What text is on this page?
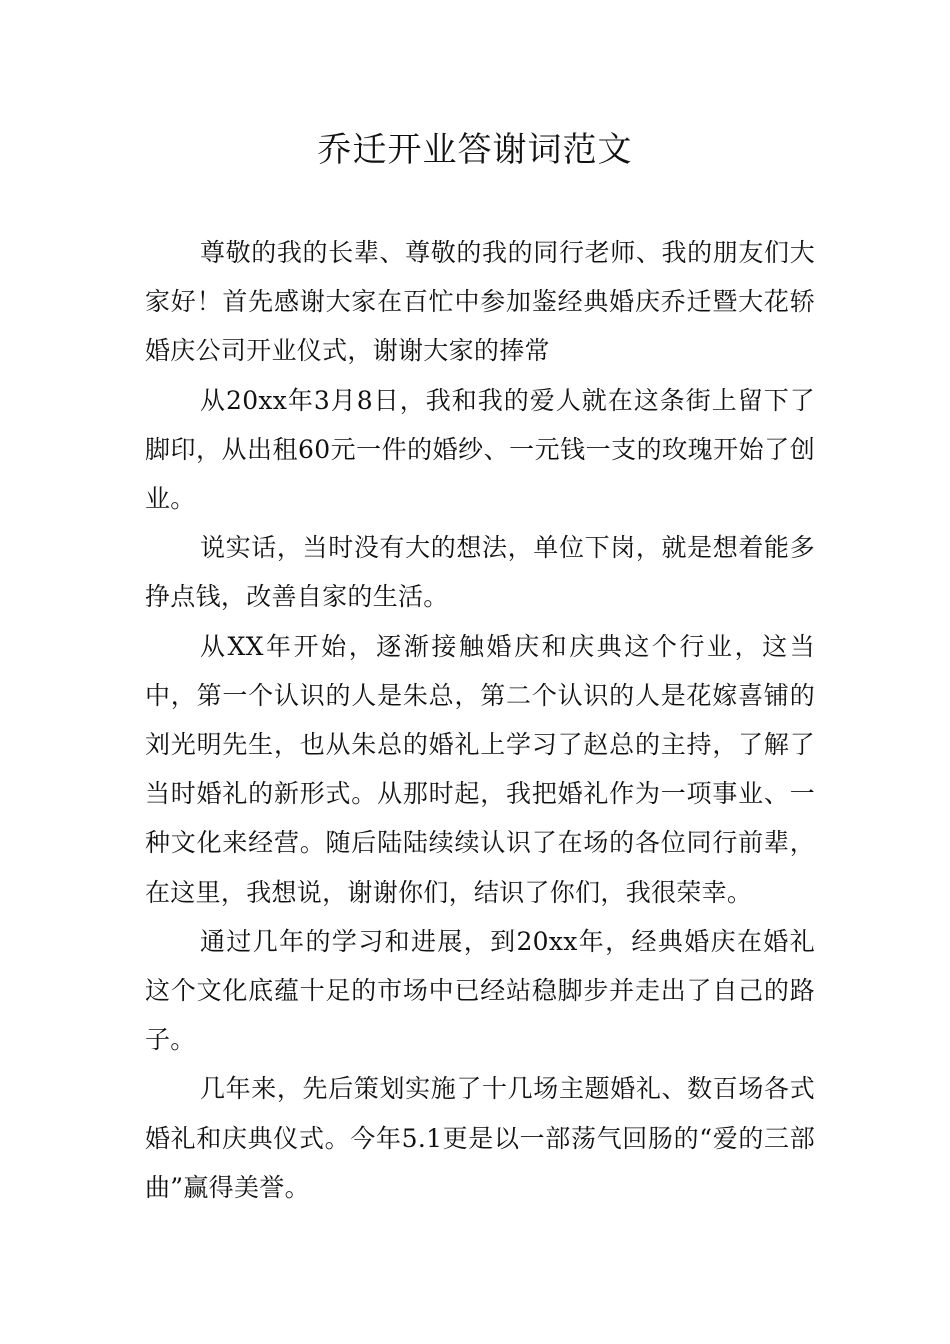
乔迁开业答谢词范文

尊敬的我的长辈、尊敬的我的同行老师、我的朋友们大家好！首先感谢大家在百忙中参加鉴经典婚庆乔迁暨大花轿婚庆公司开业仪式，谢谢大家的捧常

从20xx年3月8日，我和我的爱人就在这条街上留下了脚印，从出租60元一件的婚纱、一元钱一支的玫瑰开始了创业。

说实话，当时没有大的想法，单位下岗，就是想着能多挣点钱，改善自家的生活。

从XX年开始，逐渐接触婚庆和庆典这个行业，这当中，第一个认识的人是朱总，第二个认识的人是花嫁喜铺的刘光明先生，也从朱总的婚礼上学习了赵总的主持，了解了当时婚礼的新形式。从那时起，我把婚礼作为一项事业、一种文化来经营。随后陆陆续续认识了在场的各位同行前辈，在这里，我想说，谢谢你们，结识了你们，我很荣幸。

通过几年的学习和进展，到20xx年，经典婚庆在婚礼这个文化底蕴十足的市场中已经站稳脚步并走出了自己的路子。

几年来，先后策划实施了十几场主题婚礼、数百场各式婚礼和庆典仪式。今年5.1更是以一部荡气回肠的“爱的三部曲”赢得美誉。
